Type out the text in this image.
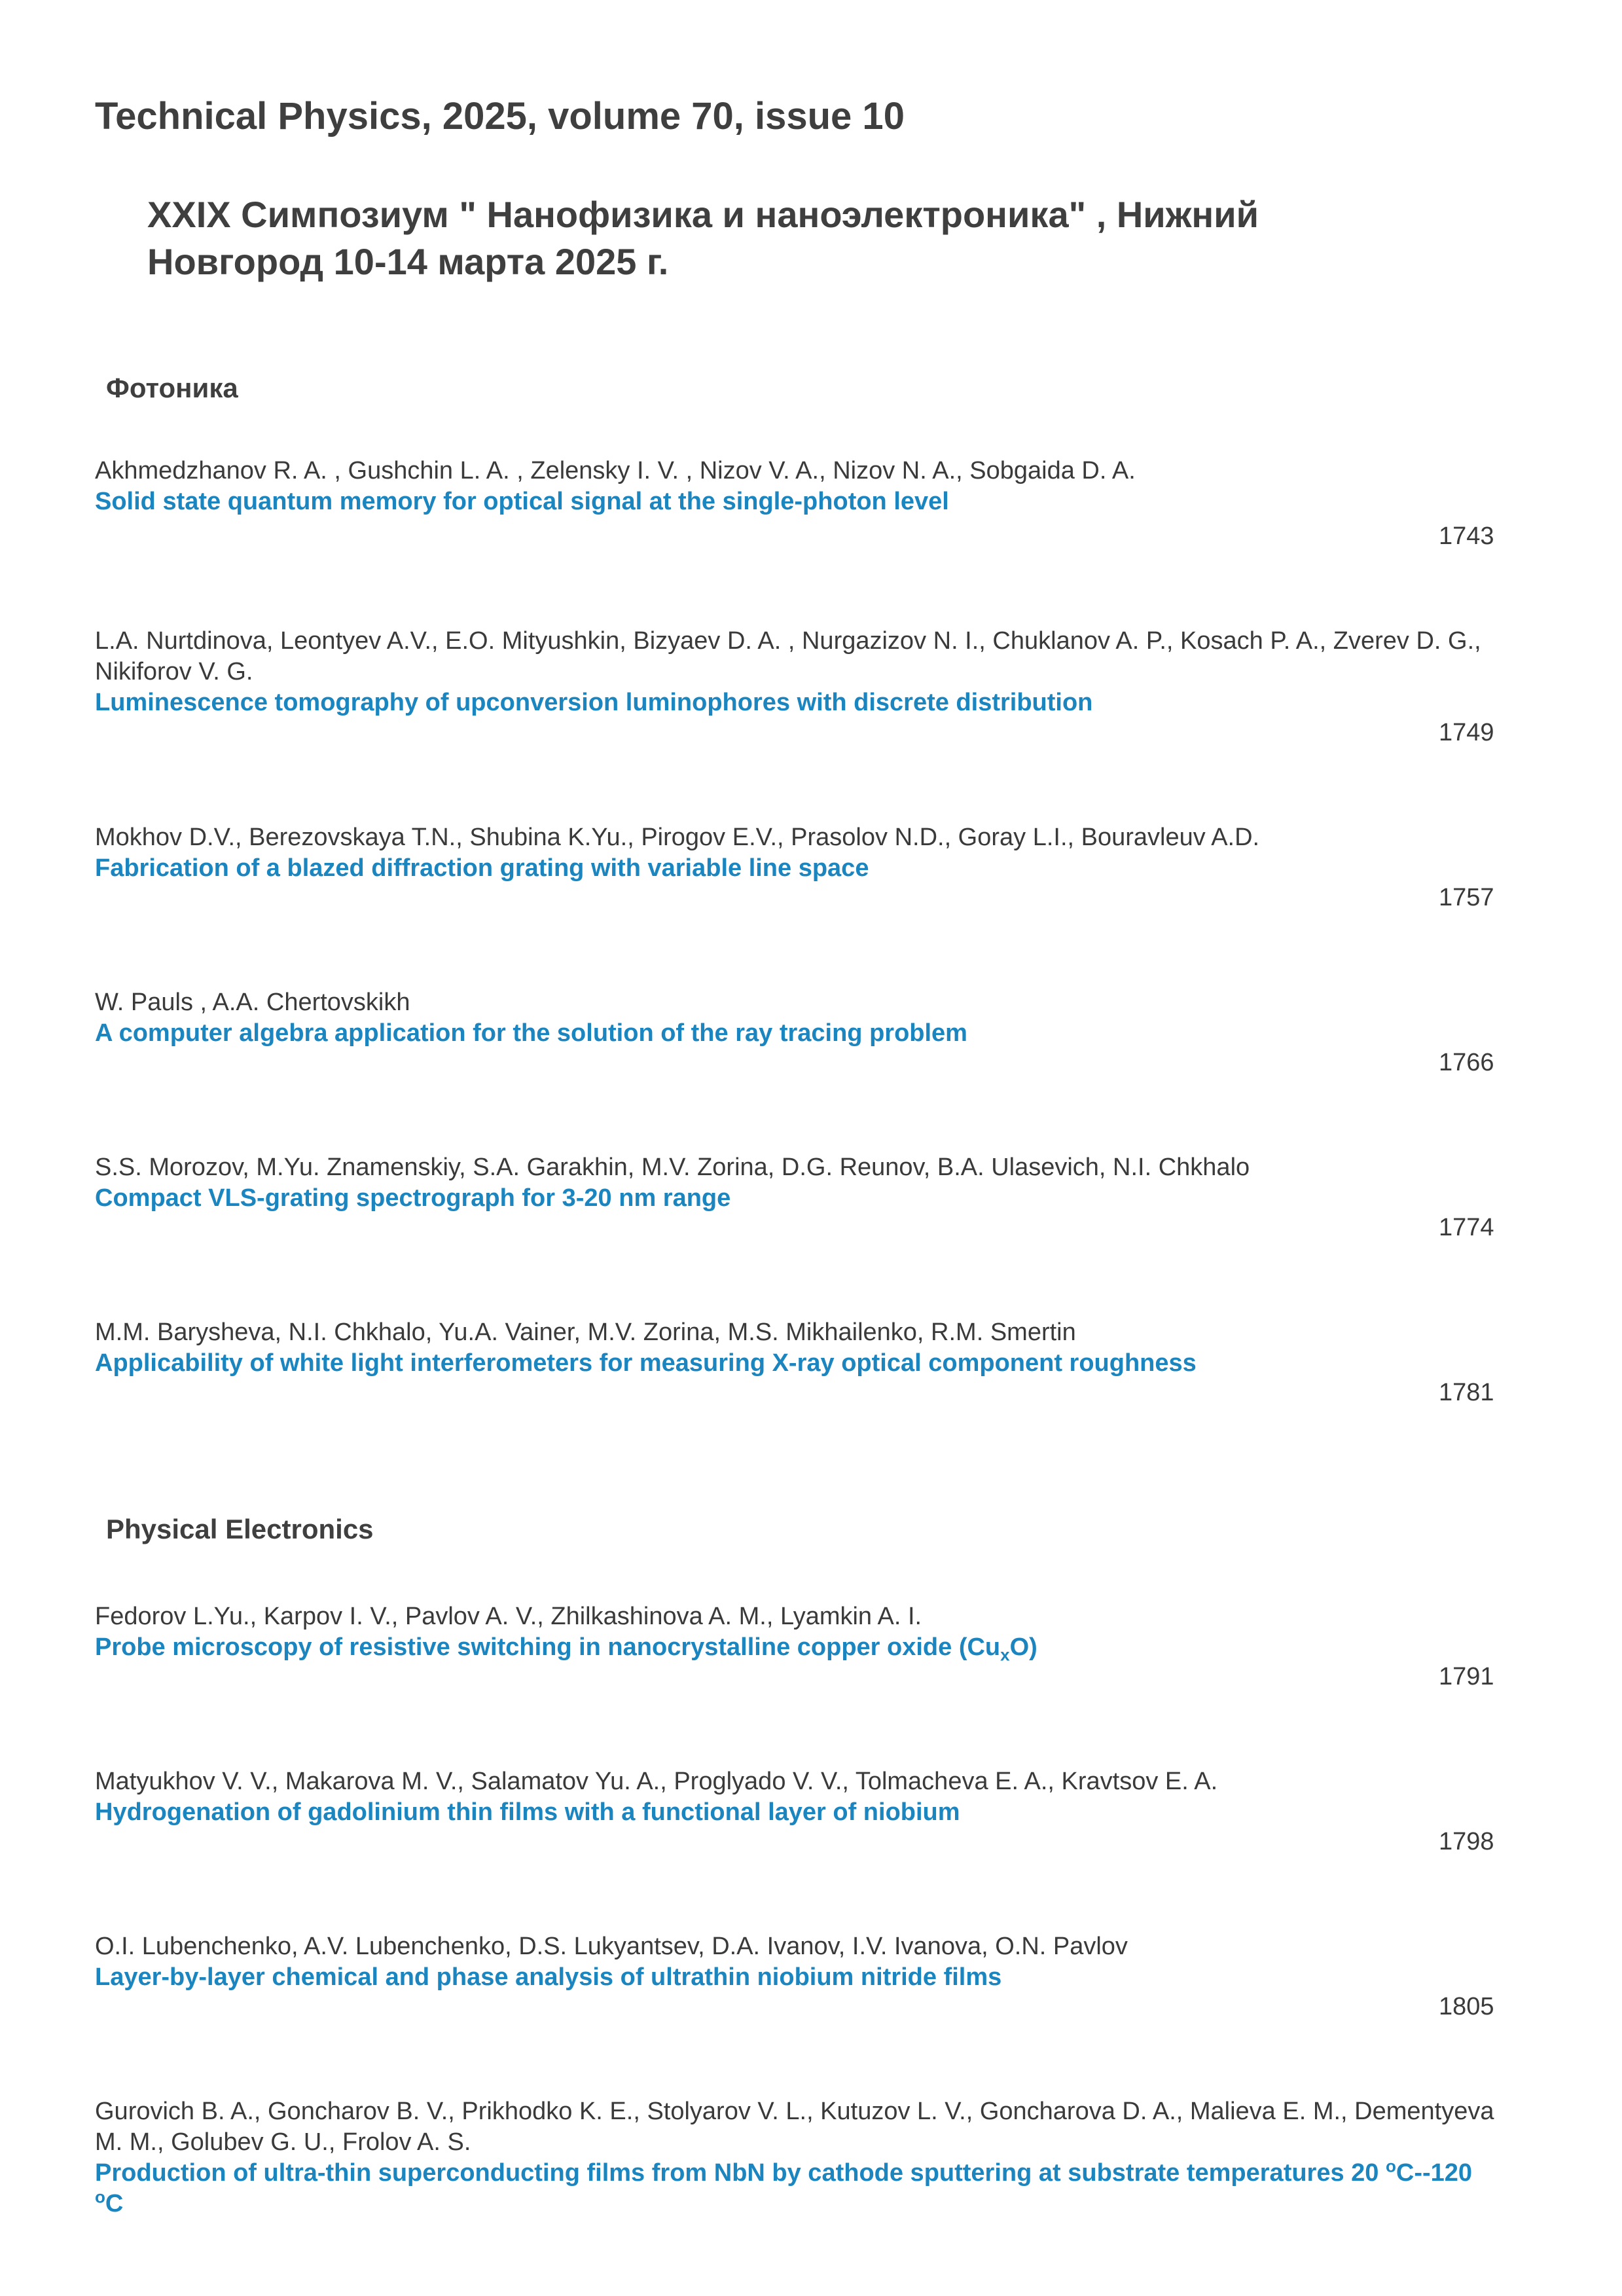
Technical Physics, 2025, volume 70, issue 10
XXIX Симпозиум " Нанофизика и наноэлектроника" , Нижний Новгород 10-14 марта 2025 г.
Фотоника

Akhmedzhanov R. A. , Gushchin L. A. , Zelensky I. V. , Nizov V. A., Nizov N. A., Sobgaida D. A.

Solid state quantum memory for optical signal at the single-photon level

1743

L.A. Nurtdinova, Leontyev A.V., E.O. Mityushkin, Bizyaev D. A. , Nurgazizov N. I., Chuklanov A. P., Kosach P. A., Zverev D. G., Nikiforov V. G.

Luminescence tomography of upconversion luminophores with discrete distribution

1749

Mokhov D.V., Berezovskaya T.N., Shubina K.Yu., Pirogov E.V., Prasolov N.D., Goray L.I., Bouravleuv A.D.

Fabrication of a blazed diffraction grating with variable line space

1757

W. Pauls , A.A. Chertovskikh

A computer algebra application for the solution of the ray tracing problem

1766

S.S. Morozov, M.Yu. Znamenskiy, S.A. Garakhin, M.V. Zorina, D.G. Reunov, B.A. Ulasevich, N.I. Chkhalo

Compact VLS-grating spectrograph for 3-20 nm range

1774

M.M. Barysheva, N.I. Chkhalo, Yu.A. Vainer, M.V. Zorina, M.S. Mikhailenko, R.M. Smertin

Applicability of white light interferometers for measuring X-ray optical component roughness

1781
Physical Electronics

Fedorov L.Yu., Karpov I. V., Pavlov A. V., Zhilkashinova A. M., Lyamkin A. I.

Probe microscopy of resistive switching in nanocrystalline copper oxide $(Cu_xO)$

1791

Matyukhov V. V., Makarova M. V., Salamatov Yu. A., Proglyado V. V., Tolmacheva E. A., Kravtsov E. A.

Hydrogenation of gadolinium thin films with a functional layer of niobium

1798

O.I. Lubenchenko, A.V. Lubenchenko, D.S. Lukyantsev, D.A. Ivanov, I.V. Ivanova, O.N. Pavlov

Layer-by-layer chemical and phase analysis of ultrathin niobium nitride films

1805

Gurovich B. A., Goncharov B. V., Prikhodko K. E., Stolyarov V. L., Kutuzov L. V., Goncharova D. A., Malieva E. M., Dementyeva M. M., Golubev G. U., Frolov A. S.

Production of ultra-thin superconducting films from NbN by cathode sputtering at substrate temperatures 20 $^o$C--120 $^o$C
